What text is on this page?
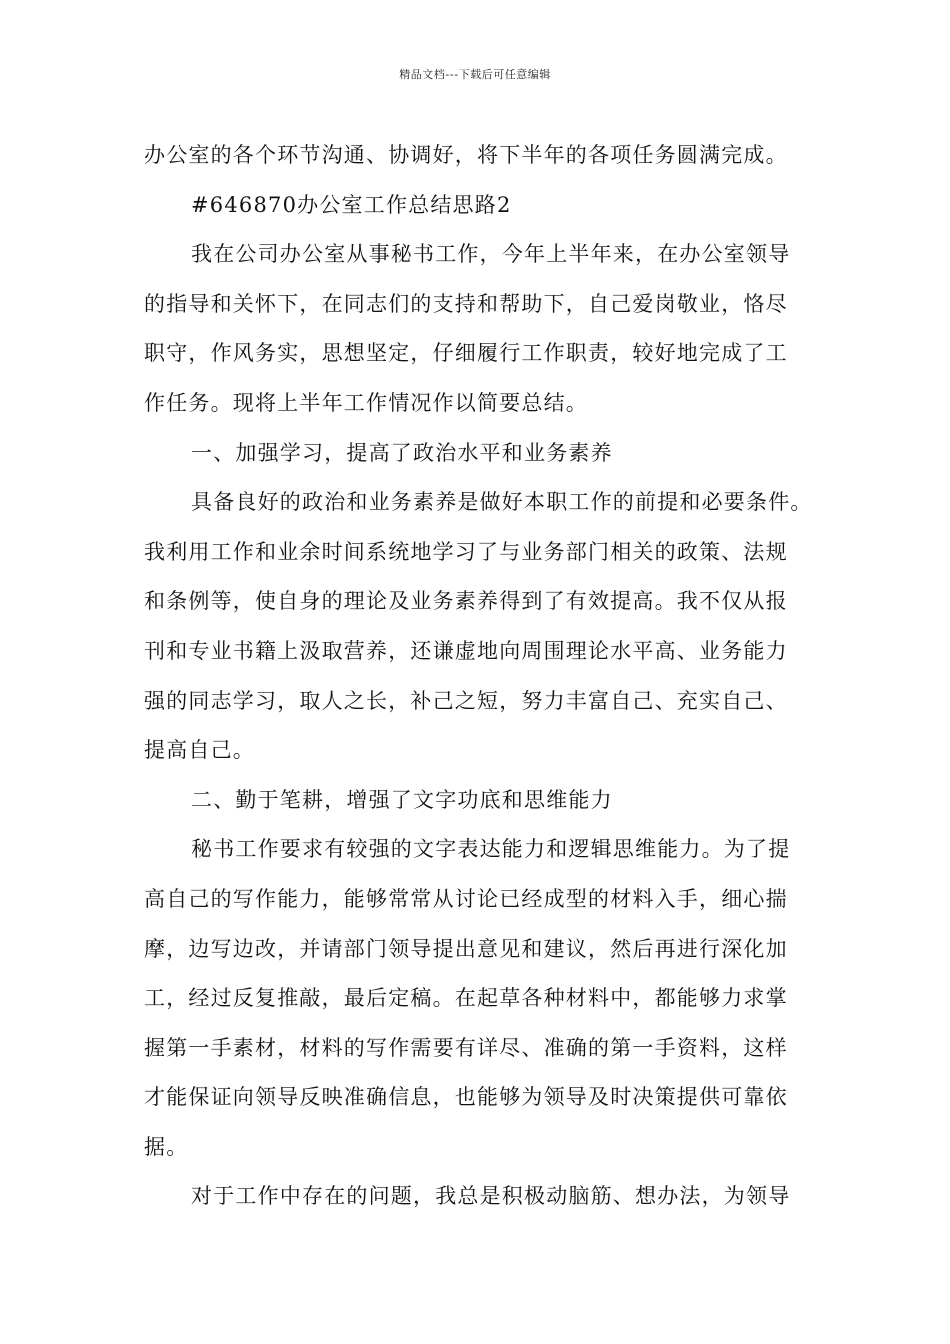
精品文档---下载后可任意编辑
办公室的各个环节沟通、协调好，将下半年的各项任务圆满完成。
#646870办公室工作总结思路2
我在公司办公室从事秘书工作，今年上半年来，在办公室领导
的指导和关怀下，在同志们的支持和帮助下，自己爱岗敬业，恪尽
职守，作风务实，思想坚定，仔细履行工作职责，较好地完成了工
作任务。现将上半年工作情况作以简要总结。
一、加强学习，提高了政治水平和业务素养
具备良好的政治和业务素养是做好本职工作的前提和必要条件。
我利用工作和业余时间系统地学习了与业务部门相关的政策、法规
和条例等，使自身的理论及业务素养得到了有效提高。我不仅从报
刊和专业书籍上汲取营养，还谦虚地向周围理论水平高、业务能力
强的同志学习，取人之长，补己之短，努力丰富自己、充实自己、
提高自己。
二、勤于笔耕，增强了文字功底和思维能力
秘书工作要求有较强的文字表达能力和逻辑思维能力。为了提
高自己的写作能力，能够常常从讨论已经成型的材料入手，细心揣
摩，边写边改，并请部门领导提出意见和建议，然后再进行深化加
工，经过反复推敲，最后定稿。在起草各种材料中，都能够力求掌
握第一手素材，材料的写作需要有详尽、准确的第一手资料，这样
才能保证向领导反映准确信息，也能够为领导及时决策提供可靠依
据。
对于工作中存在的问题，我总是积极动脑筋、想办法，为领导
